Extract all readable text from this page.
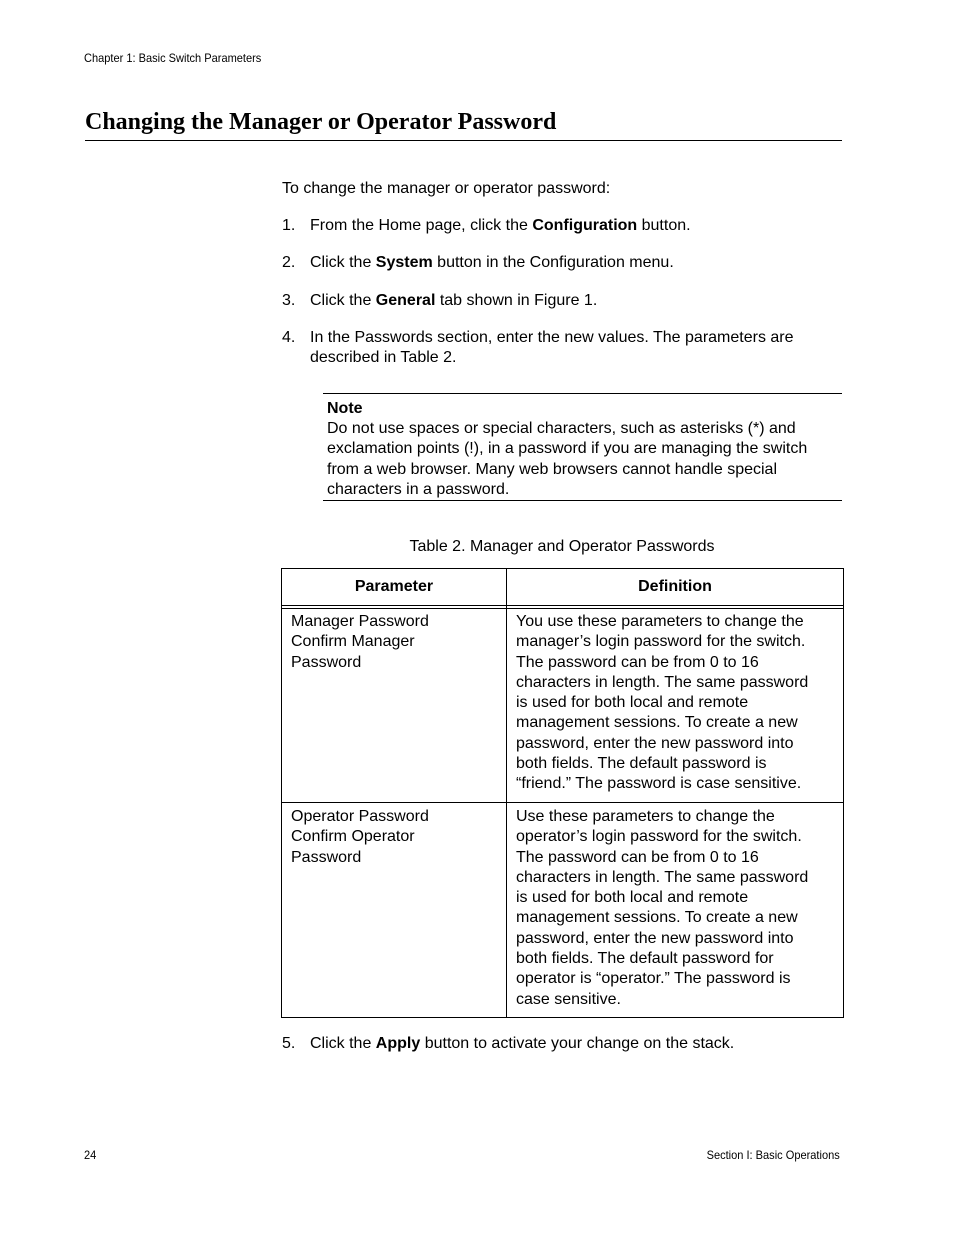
Chapter 1: Basic Switch Parameters
Changing the Manager or Operator Password
To change the manager or operator password:
1. From the Home page, click the Configuration button.
2. Click the System button in the Configuration menu.
3. Click the General tab shown in Figure 1.
4. In the Passwords section, enter the new values. The parameters are described in Table 2.
Note
Do not use spaces or special characters, such as asterisks (*) and
exclamation points (!), in a password if you are managing the switch
from a web browser. Many web browsers cannot handle special
characters in a password.
Table 2. Manager and Operator Passwords
Parameter	Definition
Manager Password
Confirm Manager
Password
You use these parameters to change the
manager’s login password for the switch.
The password can be from 0 to 16
characters in length. The same password
is used for both local and remote
management sessions. To create a new
password, enter the new password into
both fields. The default password is
“friend.” The password is case sensitive.
Operator Password
Confirm Operator
Password
Use these parameters to change the
operator’s login password for the switch.
The password can be from 0 to 16
characters in length. The same password
is used for both local and remote
management sessions. To create a new
password, enter the new password into
both fields. The default password for
operator is “operator.” The password is
case sensitive.
5. Click the Apply button to activate your change on the stack.
24	Section I: Basic Operations
